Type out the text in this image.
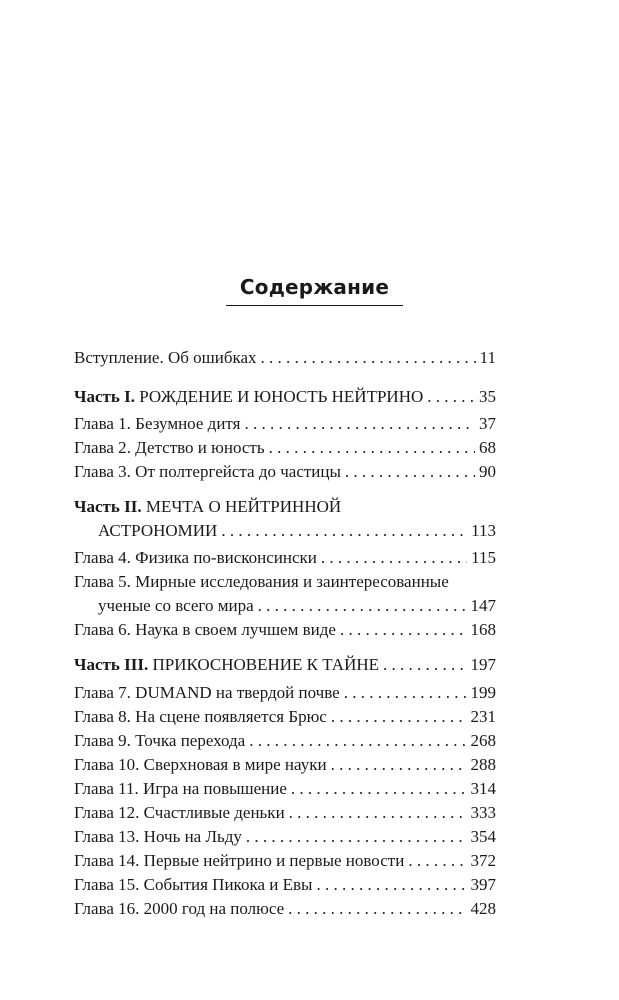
Содержание
Вступление. Об ошибках . . .	11
Часть I. РОЖДЕНИЕ И ЮНОСТЬ НЕЙТРИНО . . .	35
Глава 1. Безумное дитя . . .	37
Глава 2. Детство и юность . . .	68
Глава 3. От полтергейста до частицы . . .	90
Часть II. МЕЧТА О НЕЙТРИННОЙ
АСТРОНОМИИ . . .	113
Глава 4. Физика по-висконсински . . .	115
Глава 5. Мирные исследования и заинтересованные
ученые со всего мира . . .	147
Глава 6. Наука в своем лучшем виде . . .	168
Часть III. ПРИКОСНОВЕНИЕ К ТАЙНЕ . . .	197
Глава 7. DUMAND на твердой почве . . .	199
Глава 8. На сцене появляется Брюс . . .	231
Глава 9. Точка перехода . . .	268
Глава 10. Сверхновая в мире науки . . .	288
Глава 11. Игра на повышение . . .	314
Глава 12. Счастливые деньки . . .	333
Глава 13. Ночь на Льду . . .	354
Глава 14. Первые нейтрино и первые новости . . .	372
Глава 15. События Пикока и Евы . . .	397
Глава 16. 2000 год на полюсе . . .	428
